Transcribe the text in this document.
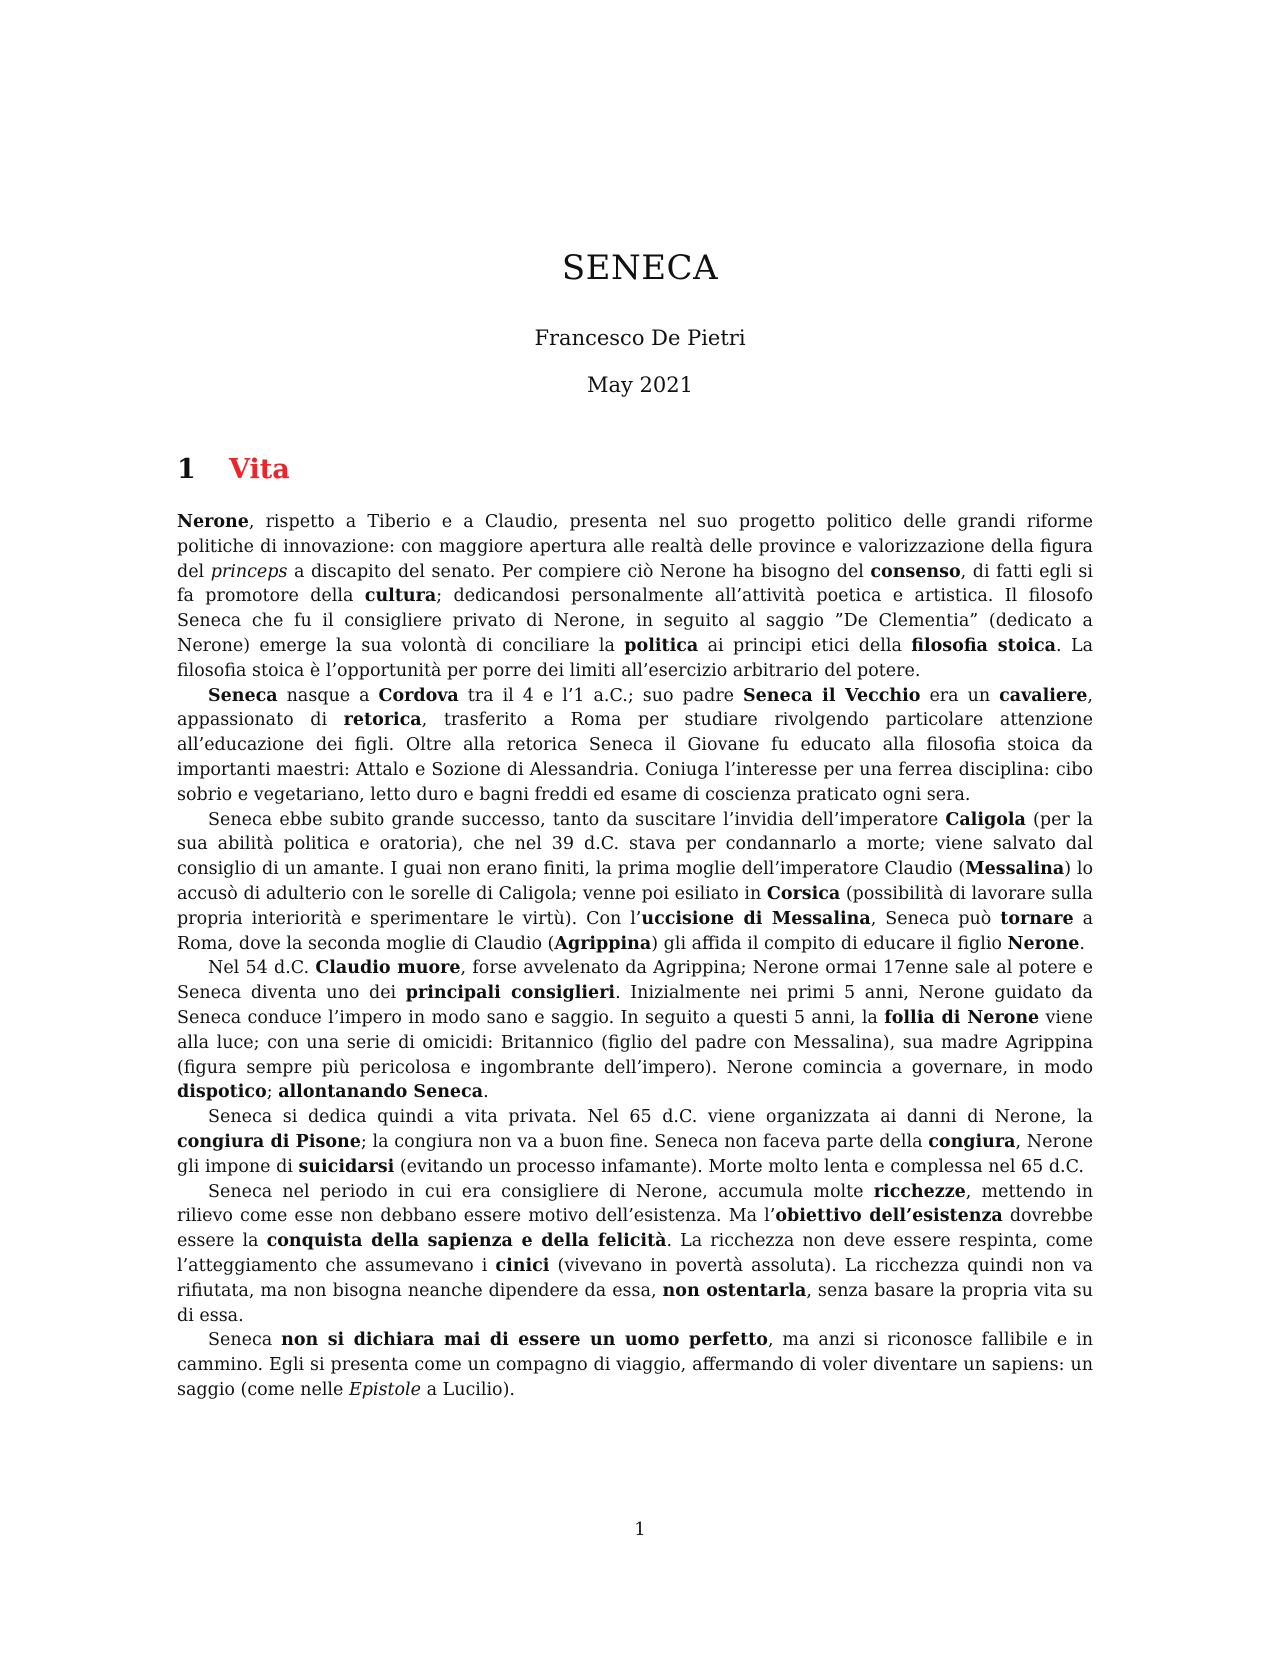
SENECA
Francesco De Pietri
May 2021
1 Vita

Nerone, rispetto a Tiberio e a Claudio, presenta nel suo progetto politico delle grandi riforme politiche di innovazione: con maggiore apertura alle realtà delle province e valorizzazione della figura del princeps a discapito del senato. Per compiere ciò Nerone ha bisogno del consenso, di fatti egli si fa promotore della cultura; dedicandosi personalmente all’attività poetica e artistica. Il filosofo Seneca che fu il consigliere privato di Nerone, in seguito al saggio ”De Clementia” (dedicato a Nerone) emerge la sua volontà di conciliare la politica ai principi etici della filosofia stoica. La filosofia stoica è l’opportunità per porre dei limiti all’esercizio arbitrario del potere.

Seneca nasque a Cordova tra il 4 e l’1 a.C.; suo padre Seneca il Vecchio era un cavaliere, appassionato di retorica, trasferito a Roma per studiare rivolgendo particolare attenzione all’educazione dei figli. Oltre alla retorica Seneca il Giovane fu educato alla filosofia stoica da importanti maestri: Attalo e Sozione di Alessandria. Coniuga l’interesse per una ferrea disciplina: cibo sobrio e vegetariano, letto duro e bagni freddi ed esame di coscienza praticato ogni sera.

Seneca ebbe subito grande successo, tanto da suscitare l’invidia dell’imperatore Caligola (per la sua abilità politica e oratoria), che nel 39 d.C. stava per condannarlo a morte; viene salvato dal consiglio di un amante. I guai non erano finiti, la prima moglie dell’imperatore Claudio (Messalina) lo accusò di adulterio con le sorelle di Caligola; venne poi esiliato in Corsica (possibilità di lavorare sulla propria interiorità e sperimentare le virtù). Con l’uccisione di Messalina, Seneca può tornare a Roma, dove la seconda moglie di Claudio (Agrippina) gli affida il compito di educare il figlio Nerone.

Nel 54 d.C. Claudio muore, forse avvelenato da Agrippina; Nerone ormai 17enne sale al potere e Seneca diventa uno dei principali consiglieri. Inizialmente nei primi 5 anni, Nerone guidato da Seneca conduce l’impero in modo sano e saggio. In seguito a questi 5 anni, la follia di Nerone viene alla luce; con una serie di omicidi: Britannico (figlio del padre con Messalina), sua madre Agrippina (figura sempre più pericolosa e ingombrante dell’impero). Nerone comincia a governare, in modo dispotico; allontanando Seneca.

Seneca si dedica quindi a vita privata. Nel 65 d.C. viene organizzata ai danni di Nerone, la congiura di Pisone; la congiura non va a buon fine. Seneca non faceva parte della congiura, Nerone gli impone di suicidarsi (evitando un processo infamante). Morte molto lenta e complessa nel 65 d.C.

Seneca nel periodo in cui era consigliere di Nerone, accumula molte ricchezze, mettendo in rilievo come esse non debbano essere motivo dell’esistenza. Ma l’obiettivo dell’esistenza dovrebbe essere la conquista della sapienza e della felicità. La ricchezza non deve essere respinta, come l’atteggiamento che assumevano i cinici (vivevano in povertà assoluta). La ricchezza quindi non va rifiutata, ma non bisogna neanche dipendere da essa, non ostentarla, senza basare la propria vita su di essa.

Seneca non si dichiara mai di essere un uomo perfetto, ma anzi si riconosce fallibile e in cammino. Egli si presenta come un compagno di viaggio, affermando di voler diventare un sapiens: un saggio (come nelle Epistole a Lucilio).

1
